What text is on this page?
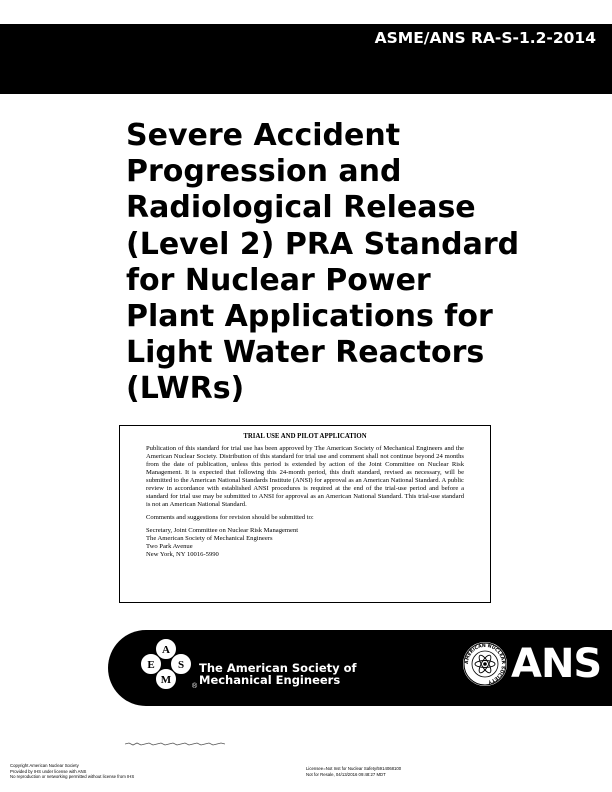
ASME/ANS RA-S-1.2-2014
Severe Accident
Progression and
Radiological Release
(Level 2) PRA Standard
for Nuclear Power
Plant Applications for
Light Water Reactors
(LWRs)

TRIAL USE AND PILOT APPLICATION

Publication of this standard for trial use has been approved by The American Society of Mechanical Engineers and the American Nuclear Society. Distribution of this standard for trial use and comment shall not continue beyond 24 months from the date of publication, unless this period is extended by action of the Joint Committee on Nuclear Risk Management. It is expected that following this 24-month period, this draft standard, revised as necessary, will be submitted to the American National Standards Institute (ANSI) for approval as an American National Standard. A public review in accordance with established ANSI procedures is required at the end of the trial-use period and before a standard for trial use may be submitted to ANSI for approval as an American National Standard. This trial-use standard is not an American National Standard.

Comments and suggestions for revision should be submitted to:

Secretary, Joint Committee on Nuclear Risk Management
The American Society of Mechanical Engineers
Two Park Avenue
New York, NY 10016-5990

A
E S
M
®
The American Society of
Mechanical Engineers
AMERICAN NUCLEAR SOCIETY ANS
Copyright American Nuclear Society
Provided by IHS under license with ANS
No reproduction or networking permitted without license from IHS
Licensee=Not Inst for Nuclear Safety/5914068100
Not for Resale, 04/13/2016 09:48:27 MDT
